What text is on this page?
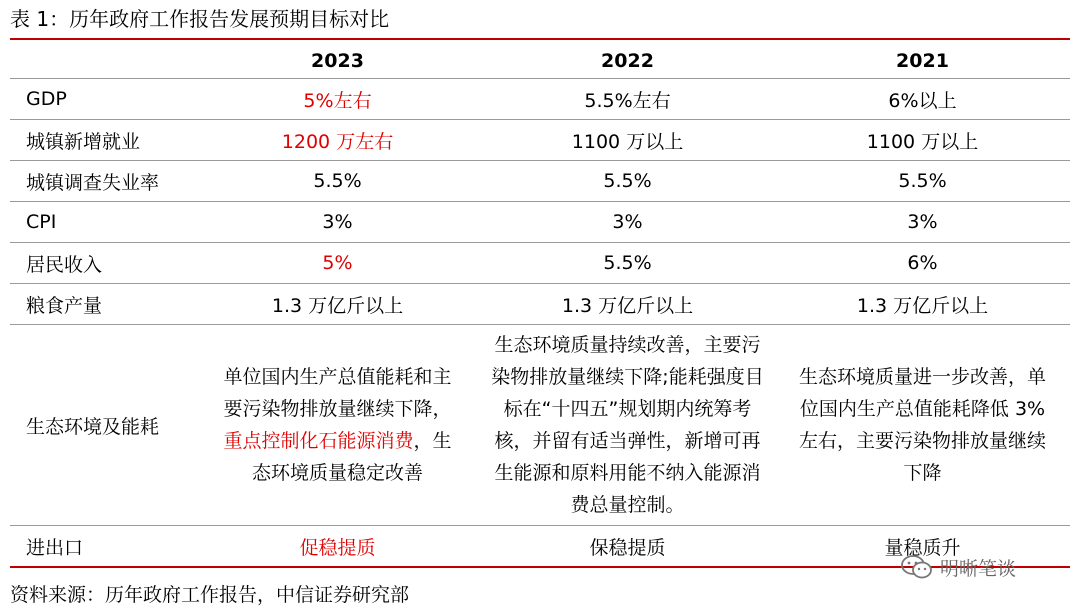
表 1：历年政府工作报告发展预期目标对比
	2023	2022	2021
GDP	5%左右	5.5%左右	6%以上
城镇新增就业	1200 万左右	1100 万以上	1100 万以上
城镇调查失业率	5.5%	5.5%	5.5%
CPI	3%	3%	3%
居民收入	5%	5.5%	6%
粮食产量	1.3 万亿斤以上	1.3 万亿斤以上	1.3 万亿斤以上
生态环境及能耗	单位国内生产总值能耗和主要污染物排放量继续下降，重点控制化石能源消费，生态环境质量稳定改善	生态环境质量持续改善，主要污染物排放量继续下降;能耗强度目标在“十四五”规划期内统筹考核，并留有适当弹性，新增可再生能源和原料用能不纳入能源消费总量控制。	生态环境质量进一步改善，单位国内生产总值能耗降低 3%左右，主要污染物排放量继续下降

进出口	促稳提质	保稳提质	量稳质升
资料来源：历年政府工作报告，中信证券研究部
明晰笔谈
